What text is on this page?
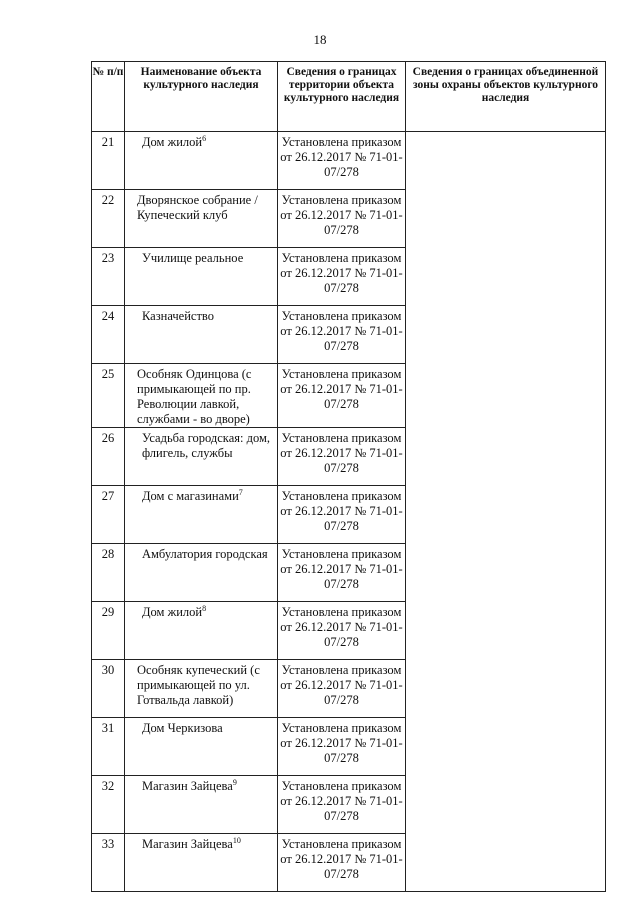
18
№ п/п	Наименование объекта культурного наследия	Сведения о границах территории объекта культурного наследия	Сведения о границах объединенной зоны охраны объектов культурного наследия
21	Дом жилой$^6$	Установлена приказом от 26.12.2017 № 71-01-07/278	
22	Дворянское собрание / Купеческий клуб	Установлена приказом от 26.12.2017 № 71-01-07/278	
23	Училище реальное	Установлена приказом от 26.12.2017 № 71-01-07/278	
24	Казначейство	Установлена приказом от 26.12.2017 № 71-01-07/278	
25	Особняк Одинцова (с примыкающей по пр. Революции лавкой, службами - во дворе)	Установлена приказом от 26.12.2017 № 71-01-07/278	
26	Усадьба городская: дом, флигель, службы	Установлена приказом от 26.12.2017 № 71-01-07/278	
27	Дом с магазинами$^7$	Установлена приказом от 26.12.2017 № 71-01-07/278	
28	Амбулатория городская	Установлена приказом от 26.12.2017 № 71-01-07/278	
29	Дом жилой$^8$	Установлена приказом от 26.12.2017 № 71-01-07/278	
30	Особняк купеческий (с примыкающей по ул. Готвальда лавкой)	Установлена приказом от 26.12.2017 № 71-01-07/278	
31	Дом Черкизова	Установлена приказом от 26.12.2017 № 71-01-07/278	
32	Магазин Зайцева$^9$	Установлена приказом от 26.12.2017 № 71-01-07/278	
33	Магазин Зайцева$^{10}$	Установлена приказом от 26.12.2017 № 71-01-07/278	
